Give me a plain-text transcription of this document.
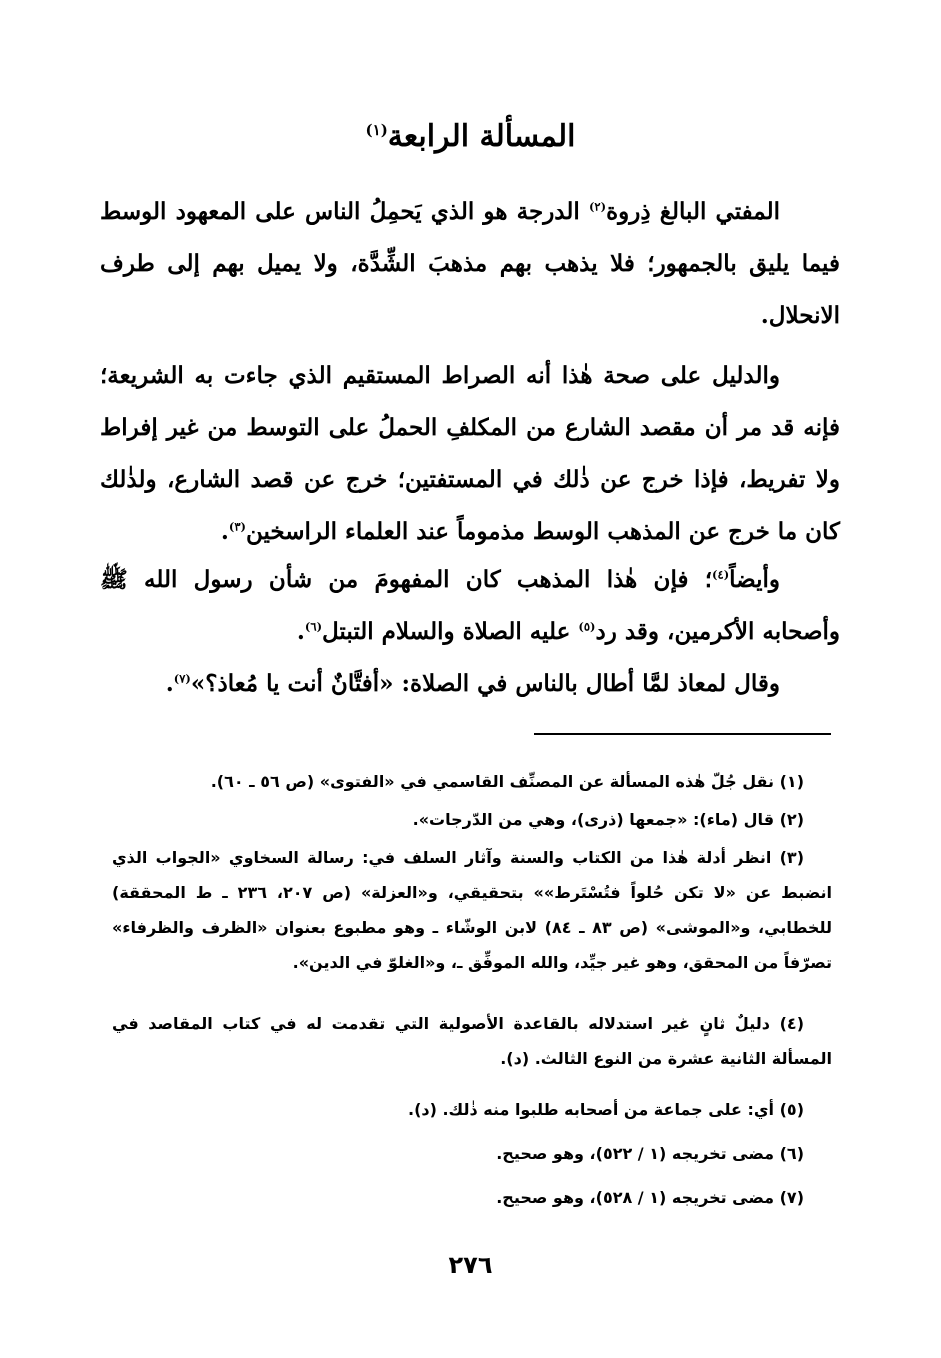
المسألة الرابعة$^{(١)}$

المفتي البالغ ذِروة$^{(٢)}$ الدرجة هو الذي يَحمِلُ الناس على المعهود الوسط فيما يليق بالجمهور؛ فلا يذهب بهم مذهبَ الشِّدَّة، ولا يميل بهم إلى طرف الانحلال.

والدليل على صحة هٰذا أنه الصراط المستقيم الذي جاءت به الشريعة؛ فإنه قد مر أن مقصد الشارع من المكلفِ الحملُ على التوسط من غير إفراط ولا تفريط، فإذا خرج عن ذٰلك في المستفتين؛ خرج عن قصد الشارع، ولذٰلك كان ما خرج عن المذهب الوسط مذموماً عند العلماء الراسخين$^{(٣)}$.

وأيضاً$^{(٤)}$؛ فإن هٰذا المذهب كان المفهومَ من شأن رسول الله ﷺ وأصحابه الأكرمين، وقد رد$^{(٥)}$ عليه الصلاة والسلام التبتل$^{(٦)}$.

وقال لمعاذ لمَّا أطال بالناس في الصلاة: «أفتَّانٌ أنت يا مُعاذ؟»$^{(٧)}$.

(١) نقل جُلّ هٰذه المسألة عن المصنِّف القاسمي في «الفتوى» (ص ٥٦ ـ ٦٠).

(٢) قال (ماء): «جمعها (ذرى)، وهي من الدّرجات».

(٣) انظر أدلة هٰذا من الكتاب والسنة وآثار السلف في: رسالة السخاوي «الجواب الذي انضبط عن «لا تكن حُلواً فتُسْتَرط»» بتحقيقي، و«العزلة» (ص ٢٠٧، ٢٣٦ ـ ط المحققة) للخطابي، و«الموشى» (ص ٨٣ ـ ٨٤) لابن الوشّاء ـ وهو مطبوع بعنوان «الظرف والظرفاء» تصرّفاً من المحقق، وهو غير جيِّد، والله الموفِّق ـ، و«الغلوّ في الدين».

(٤) دليلٌ ثانٍ غير استدلاله بالقاعدة الأصولية التي تقدمت له في كتاب المقاصد في المسألة الثانية عشرة من النوع الثالث. (د).

(٥) أي: على جماعة من أصحابه طلبوا منه ذٰلك. (د).

(٦) مضى تخريجه (١ / ٥٢٢)، وهو صحيح.

(٧) مضى تخريجه (١ / ٥٢٨)، وهو صحيح.

٢٧٦
